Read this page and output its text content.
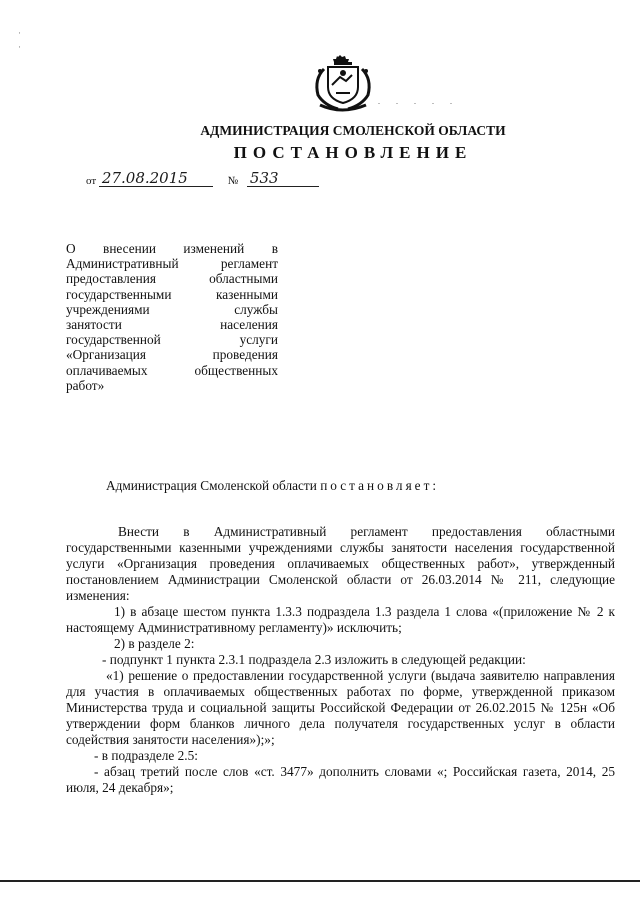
·
·
. . . . .
АДМИНИСТРАЦИЯ СМОЛЕНСКОЙ ОБЛАСТИ
ПОСТАНОВЛЕНИЕ
от 27.08.2015	№ 533
О внесении изменений в
Административный регламент
предоставления областными
государственными казенными
учреждениями службы
занятости населения
государственной услуги
«Организация проведения
оплачиваемых общественных
работ»
Администрация Смоленской области постановляет:

Внести в Административный регламент предоставления областными государственными казенными учреждениями службы занятости населения государственной услуги «Организация проведения оплачиваемых общественных работ», утвержденный постановлением Администрации Смоленской области от 26.03.2014 № 211, следующие изменения:

1) в абзаце шестом пункта 1.3.3 подраздела 1.3 раздела 1 слова «(приложение № 2 к настоящему Административному регламенту)» исключить;

2) в разделе 2:

- подпункт 1 пункта 2.3.1 подраздела 2.3 изложить в следующей редакции:

«1) решение о предоставлении государственной услуги (выдача заявителю направления для участия в оплачиваемых общественных работах по форме, утвержденной приказом Министерства труда и социальной защиты Российской Федерации от 26.02.2015 № 125н «Об утверждении форм бланков личного дела получателя государственных услуг в области содействия занятости населения»);»;

- в подразделе 2.5:

- абзац третий после слов «ст. 3477» дополнить словами «; Российская газета, 2014, 25 июля, 24 декабря»;
